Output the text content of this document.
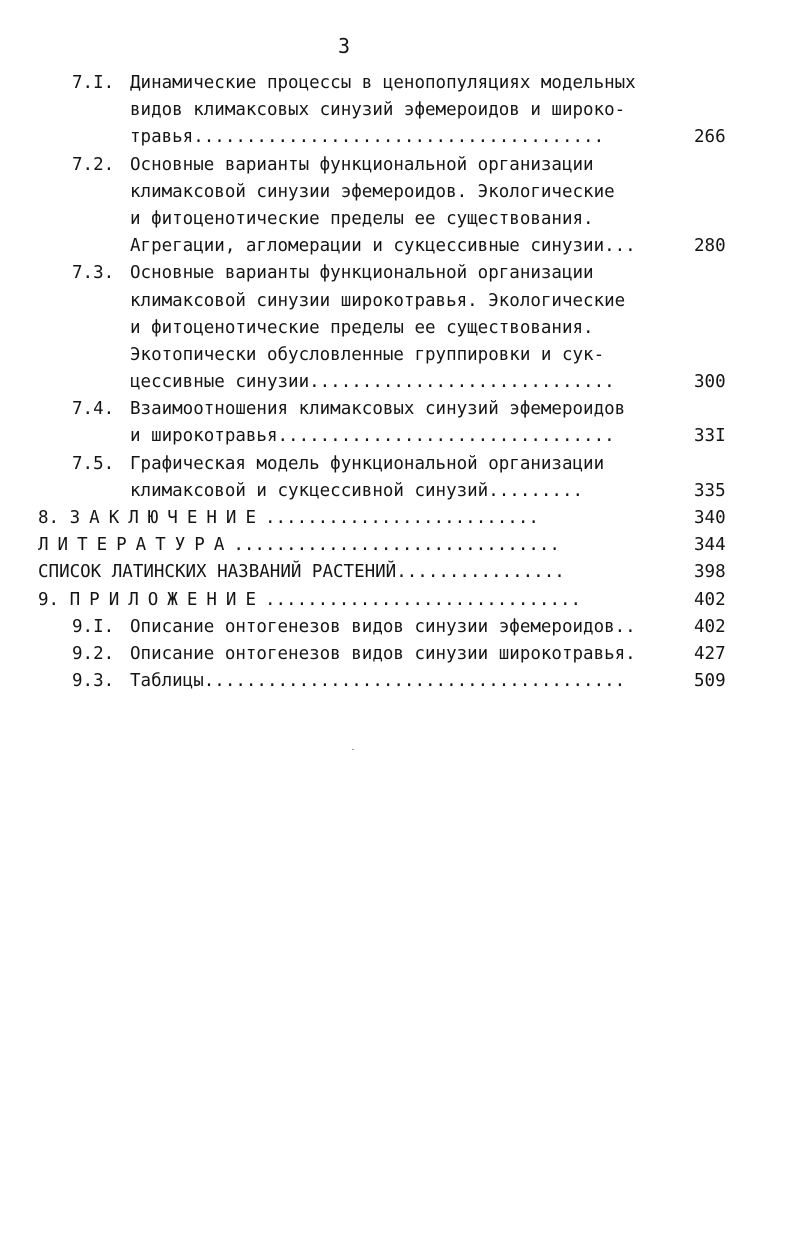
3
7.I. Динамические процессы в ценопопуляциях модельных
видов климаксовых синузий эфемероидов и широко-
травья.......................................	266
7.2. Основные варианты функциональной организации
климаксовой синузии эфемероидов. Экологические
и фитоценотические пределы ее существования.
Агрегации, агломерации и сукцессивные синузии...	280
7.3. Основные варианты функциональной организации
климаксовой синузии широкотравья. Экологические
и фитоценотические пределы ее существования.
Экотопически обусловленные группировки и сук-
цессивные синузии.............................	300
7.4. Взаимоотношения климаксовых синузий эфемероидов
и широкотравья................................	33I
7.5. Графическая модель функциональной организации
климаксовой и сукцессивной синузий.........	335
8. ЗАКЛЮЧЕНИЕ..........................	340
ЛИТЕРАТУРА...............................	344
СПИСОК ЛАТИНСКИХ НАЗВАНИЙ РАСТЕНИЙ................	398
9. ПРИЛОЖЕНИЕ..............................	402
9.I. Описание онтогенезов видов синузии эфемероидов..	402
9.2. Описание онтогенезов видов синузии широкотравья.	427
9.3. Таблицы........................................	509
